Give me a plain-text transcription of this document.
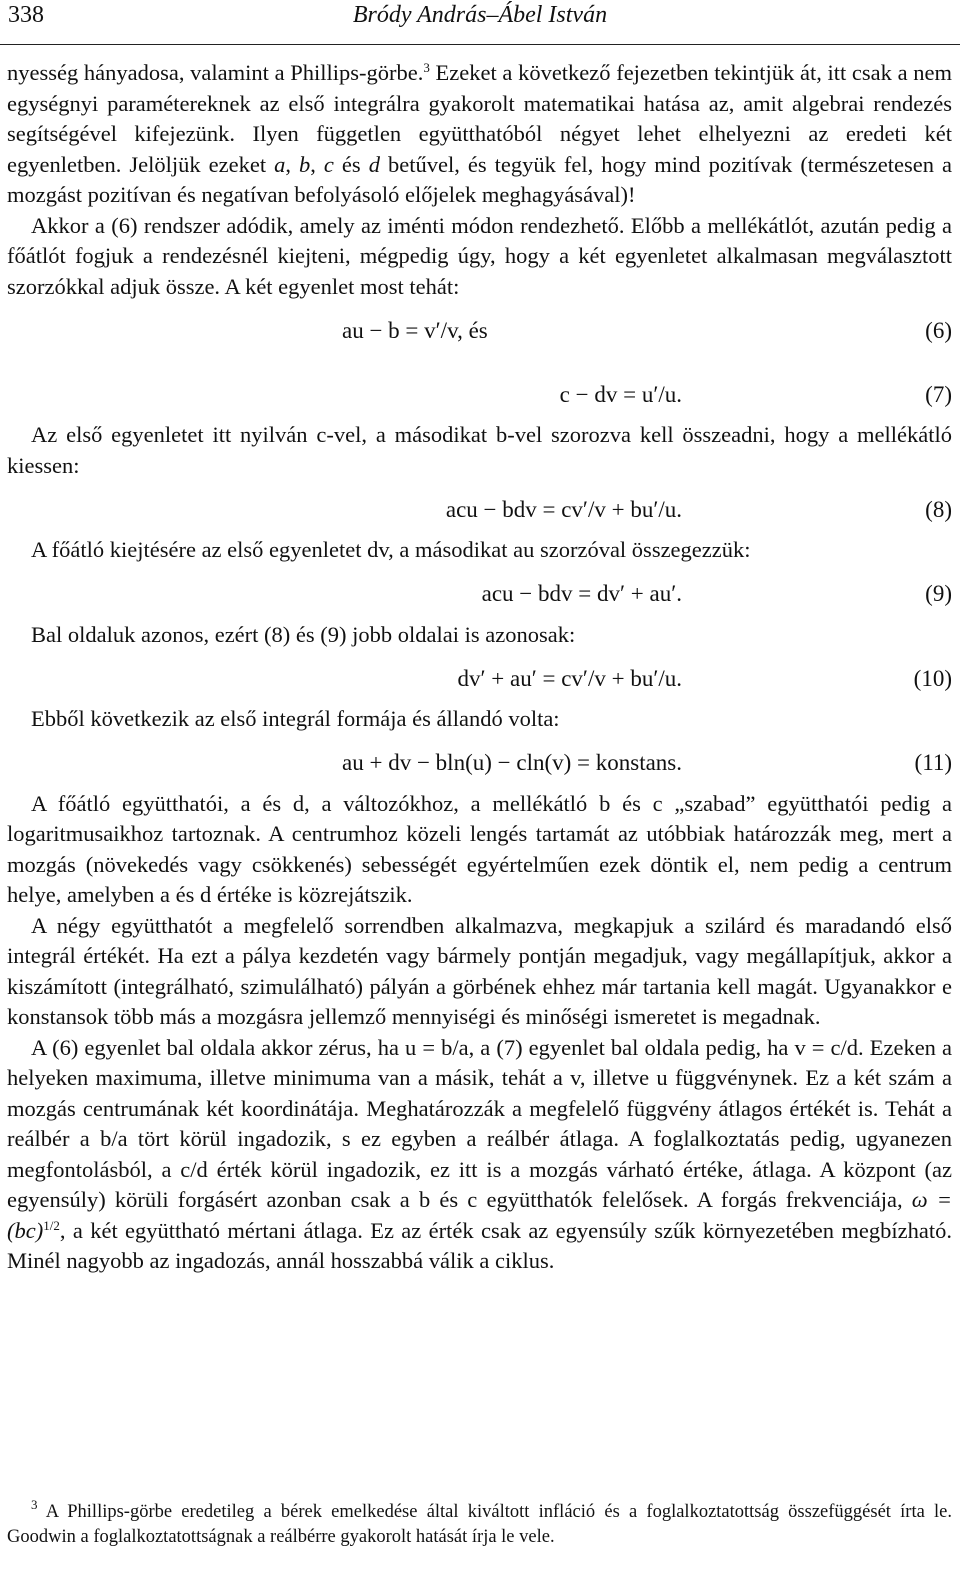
338	Bródy András–Ábel István

nyesség hányadosa, valamint a Phillips-görbe.$^3$ Ezeket a következő fejezetben tekintjük át, itt csak a nem egységnyi paramétereknek az első integrálra gyakorolt matematikai hatása az, amit algebrai rendezés segítségével kifejezünk. Ilyen független együtthatóból négyet lehet elhelyezni az eredeti két egyenletben. Jelöljük ezeket a, b, c és d betűvel, és tegyük fel, hogy mind pozitívak (természetesen a mozgást pozitívan és negatívan befolyásoló előjelek meghagyásával)!

Akkor a (6) rendszer adódik, amely az iménti módon rendezhető. Előbb a mellékátlót, azután pedig a főátlót fogjuk a rendezésnél kiejteni, mégpedig úgy, hogy a két egyenletet alkalmasan megválasztott szorzókkal adjuk össze. A két egyenlet most tehát:

au − b = v′/v, és	(6)
c − dv = u′/u.	(7)

Az első egyenletet itt nyilván c-vel, a másodikat b-vel szorozva kell összeadni, hogy a mellékátló kiessen:

acu − bdv = cv′/v + bu′/u.	(8)

A főátló kiejtésére az első egyenletet dv, a másodikat au szorzóval összegezzük:

acu − bdv = dv′ + au′.	(9)

Bal oldaluk azonos, ezért (8) és (9) jobb oldalai is azonosak:

dv′ + au′ = cv′/v + bu′/u.	(10)

Ebből következik az első integrál formája és állandó volta:

au + dv − bln(u) − cln(v) = konstans.	(11)

A főátló együtthatói, a és d, a változókhoz, a mellékátló b és c „szabad” együtthatói pedig a logaritmusaikhoz tartoznak. A centrumhoz közeli lengés tartamát az utóbbiak határozzák meg, mert a mozgás (növekedés vagy csökkenés) sebességét egyértelműen ezek döntik el, nem pedig a centrum helye, amelyben a és d értéke is közrejátszik.

A négy együtthatót a megfelelő sorrendben alkalmazva, megkapjuk a szilárd és maradandó első integrál értékét. Ha ezt a pálya kezdetén vagy bármely pontján megadjuk, vagy megállapítjuk, akkor a kiszámított (integrálható, szimulálható) pályán a görbének ehhez már tartania kell magát. Ugyanakkor e konstansok több más a mozgásra jellemző mennyiségi és minőségi ismeretet is megadnak.

A (6) egyenlet bal oldala akkor zérus, ha u = b/a, a (7) egyenlet bal oldala pedig, ha v = c/d. Ezeken a helyeken maximuma, illetve minimuma van a másik, tehát a v, illetve u függvénynek. Ez a két szám a mozgás centrumának két koordinátája. Meghatározzák a megfelelő függvény átlagos értékét is. Tehát a reálbér a b/a tört körül ingadozik, s ez egyben a reálbér átlaga. A foglalkoztatás pedig, ugyanezen megfontolásból, a c/d érték körül ingadozik, ez itt is a mozgás várható értéke, átlaga. A központ (az egyensúly) körüli forgásért azonban csak a b és c együtthatók felelősek. A forgás frekvenciája, ω = (bc)$^{1/2}$, a két együttható mértani átlaga. Ez az érték csak az egyensúly szűk környezetében megbízható. Minél nagyobb az ingadozás, annál hosszabbá válik a ciklus.

$^3$ A Phillips-görbe eredetileg a bérek emelkedése által kiváltott infláció és a foglalkoztatottság összefüggését írta le. Goodwin a foglalkoztatottságnak a reálbérre gyakorolt hatását írja le vele.
